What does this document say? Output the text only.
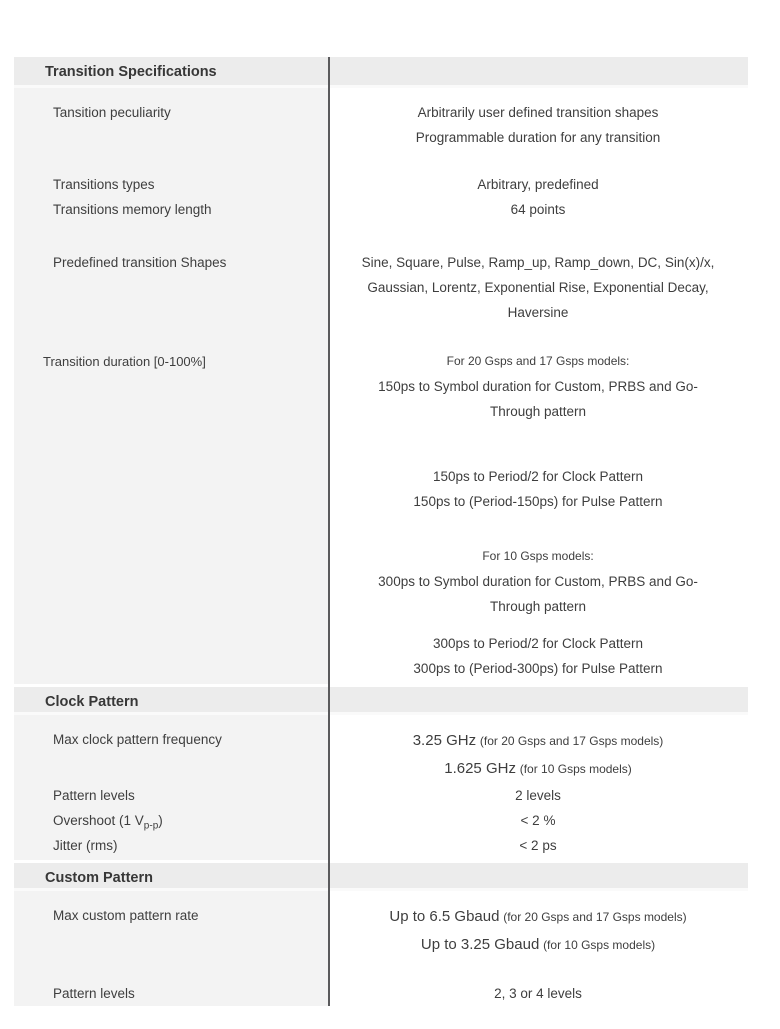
Transition Specifications
Tansition peculiarity	Arbitrarily user defined transition shapes
Programmable duration for any transition
Transitions types	Arbitrary, predefined
Transitions memory length	64 points
Predefined transition Shapes	Sine, Square, Pulse, Ramp_up, Ramp_down, DC, Sin(x)/x,
Gaussian, Lorentz, Exponential Rise, Exponential Decay,
Haversine
Transition duration [0-100%]	For 20 Gsps and 17 Gsps models:
150ps to Symbol duration for Custom, PRBS and Go-
Through pattern
150ps to Period/2 for Clock Pattern
150ps to (Period-150ps) for Pulse Pattern
For 10 Gsps models:
300ps to Symbol duration for Custom, PRBS and Go-
Through pattern
300ps to Period/2 for Clock Pattern
300ps to (Period-300ps) for Pulse Pattern
Clock Pattern
Max clock pattern frequency	3.25 GHz (for 20 Gsps and 17 Gsps models)
1.625 GHz (for 10 Gsps models)
Pattern levels	2 levels
Overshoot (1 $V_{p-p}$)	< 2 %
Jitter (rms)	< 2 ps
Custom Pattern
Max custom pattern rate	Up to 6.5 Gbaud (for 20 Gsps and 17 Gsps models)
Up to 3.25 Gbaud (for 10 Gsps models)
Pattern levels	2, 3 or 4 levels
